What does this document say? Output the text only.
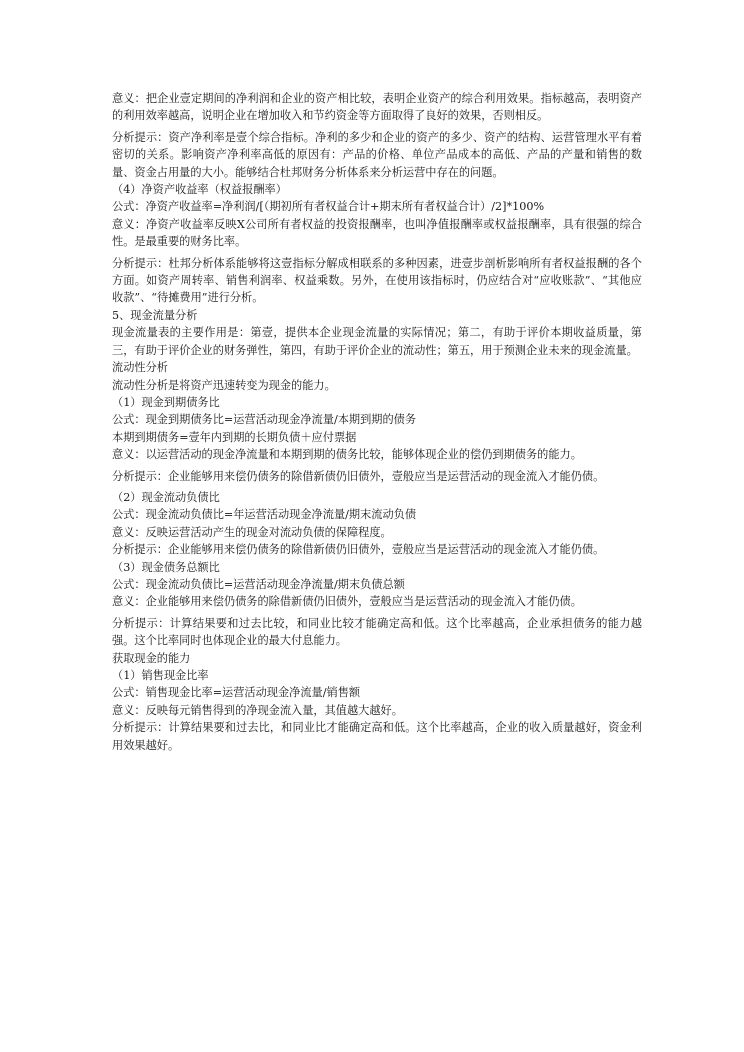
意义：把企业壹定期间的净利润和企业的资产相比较，表明企业资产的综合利用效果。指标越高，表明资产的利用效率越高，说明企业在增加收入和节约资金等方面取得了良好的效果，否则相反。
分析提示：资产净利率是壹个综合指标。净利的多少和企业的资产的多少、资产的结构、运营管理水平有着密切的关系。影响资产净利率高低的原因有：产品的价格、单位产品成本的高低、产品的产量和销售的数量、资金占用量的大小。能够结合杜邦财务分析体系来分析运营中存在的问题。
（4）净资产收益率（权益报酬率）
公式：净资产收益率=净利润/[（期初所有者权益合计+期末所有者权益合计）/2]*100%
意义：净资产收益率反映X公司所有者权益的投资报酬率，也叫净值报酬率或权益报酬率，具有很强的综合性。是最重要的财务比率。
分析提示：杜邦分析体系能够将这壹指标分解成相联系的多种因素，进壹步剖析影响所有者权益报酬的各个方面。如资产周转率、销售利润率、权益乘数。另外，在使用该指标时，仍应结合对“应收账款”、“其他应收款”、“待摊费用”进行分析。
5、现金流量分析
现金流量表的主要作用是：第壹，提供本企业现金流量的实际情况；第二，有助于评价本期收益质量，第三，有助于评价企业的财务弹性，第四，有助于评价企业的流动性；第五，用于预测企业未来的现金流量。
流动性分析
流动性分析是将资产迅速转变为现金的能力。
（1）现金到期债务比
公式：现金到期债务比=运营活动现金净流量/本期到期的债务
本期到期债务=壹年内到期的长期负债＋应付票据
意义：以运营活动的现金净流量和本期到期的债务比较，能够体现企业的偿仍到期债务的能力。
分析提示：企业能够用来偿仍债务的除借新债仍旧债外，壹般应当是运营活动的现金流入才能仍债。
（2）现金流动负债比
公式：现金流动负债比=年运营活动现金净流量/期末流动负债
意义：反映运营活动产生的现金对流动负债的保障程度。
分析提示：企业能够用来偿仍债务的除借新债仍旧债外，壹般应当是运营活动的现金流入才能仍债。
（3）现金债务总额比
公式：现金流动负债比=运营活动现金净流量/期末负债总额
意义：企业能够用来偿仍债务的除借新债仍旧债外，壹般应当是运营活动的现金流入才能仍债。
分析提示：计算结果要和过去比较，和同业比较才能确定高和低。这个比率越高，企业承担债务的能力越强。这个比率同时也体现企业的最大付息能力。
获取现金的能力
（1）销售现金比率
公式：销售现金比率=运营活动现金净流量/销售额
意义：反映每元销售得到的净现金流入量，其值越大越好。
分析提示：计算结果要和过去比，和同业比才能确定高和低。这个比率越高，企业的收入质量越好，资金利用效果越好。
